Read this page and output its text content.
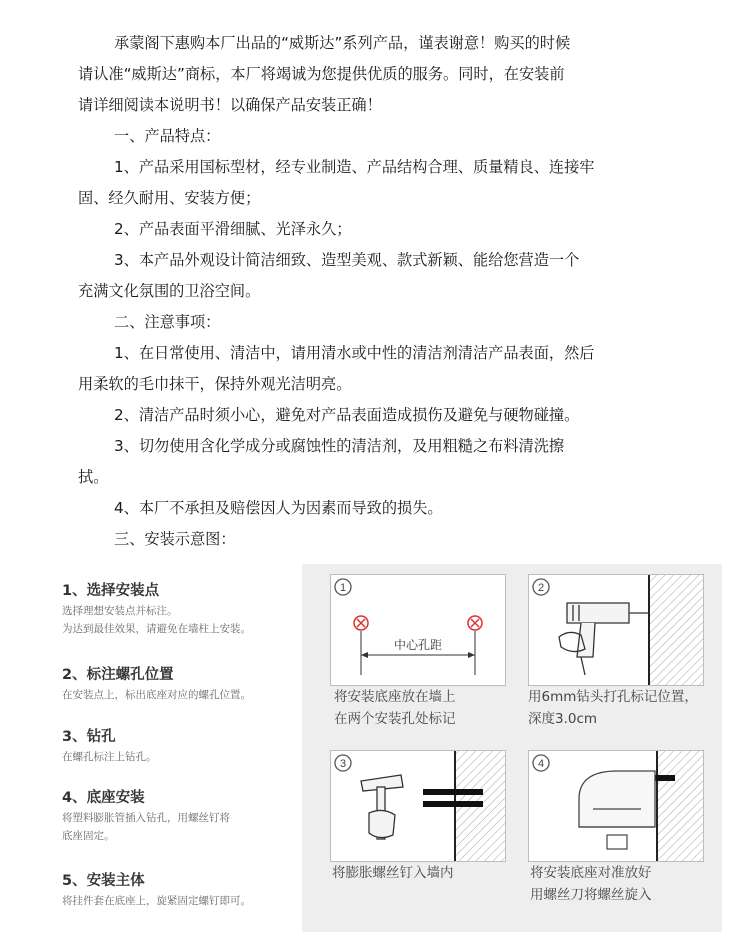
承蒙阁下惠购本厂出品的“威斯达”系列产品，谨表谢意！购买的时候
请认准“威斯达”商标，本厂将竭诚为您提供优质的服务。同时，在安装前
请详细阅读本说明书！以确保产品安装正确！
一、产品特点：
1、产品采用国标型材，经专业制造、产品结构合理、质量精良、连接牢
固、经久耐用、安装方便；
2、产品表面平滑细腻、光泽永久；
3、本产品外观设计简洁细致、造型美观、款式新颖、能给您营造一个
充满文化氛围的卫浴空间。
二、注意事项：
1、在日常使用、清洁中，请用清水或中性的清洁剂清洁产品表面，然后
用柔软的毛巾抹干，保持外观光洁明亮。
2、清洁产品时须小心，避免对产品表面造成损伤及避免与硬物碰撞。
3、切勿使用含化学成分或腐蚀性的清洁剂，及用粗糙之布料清洗擦
拭。
4、本厂不承担及赔偿因人为因素而导致的损失。
三、安装示意图：
1、选择安装点
选择理想安装点并标注。
为达到最佳效果，请避免在墙柱上安装。
2、标注螺孔位置
在安装点上，标出底座对应的螺孔位置。
3、钻孔
在螺孔标注上钻孔。
4、底座安装
将塑料膨胀管插入钻孔，用螺丝钉将
底座固定。
5、安装主体
将挂件套在底座上，旋紧固定螺钉即可。
1
中心孔距
将安装底座放在墙上
在两个安装孔处标记
2
用6mm钻头打孔标记位置，
深度3.0cm
3
将膨胀螺丝钉入墙内
4
将安装底座对准放好
用螺丝刀将螺丝旋入
